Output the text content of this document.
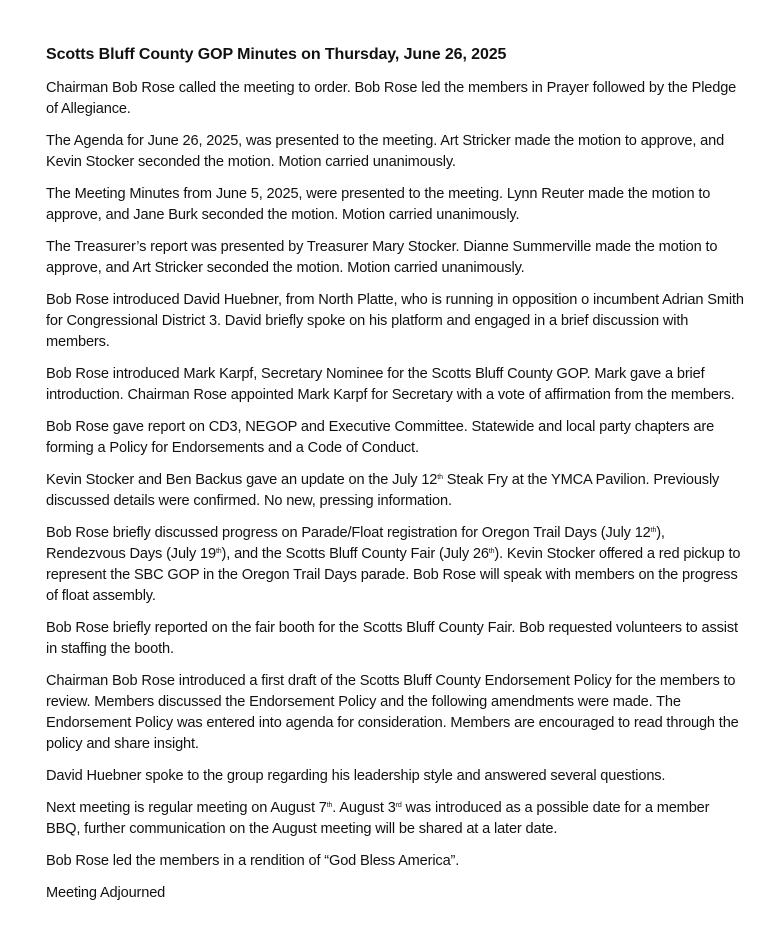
Scotts Bluff County GOP Minutes on Thursday, June 26, 2025

Chairman Bob Rose called the meeting to order. Bob Rose led the members in Prayer followed by the Pledge of Allegiance.

The Agenda for June 26, 2025, was presented to the meeting. Art Stricker made the motion to approve, and Kevin Stocker seconded the motion. Motion carried unanimously.

The Meeting Minutes from June 5, 2025, were presented to the meeting. Lynn Reuter made the motion to approve, and Jane Burk seconded the motion. Motion carried unanimously.

The Treasurer’s report was presented by Treasurer Mary Stocker. Dianne Summerville made the motion to approve, and Art Stricker seconded the motion. Motion carried unanimously.

Bob Rose introduced David Huebner, from North Platte, who is running in opposition o incumbent Adrian Smith for Congressional District 3. David briefly spoke on his platform and engaged in a brief discussion with members.

Bob Rose introduced Mark Karpf, Secretary Nominee for the Scotts Bluff County GOP. Mark gave a brief introduction. Chairman Rose appointed Mark Karpf for Secretary with a vote of affirmation from the members.

Bob Rose gave report on CD3, NEGOP and Executive Committee. Statewide and local party chapters are forming a Policy for Endorsements and a Code of Conduct.

Kevin Stocker and Ben Backus gave an update on the July 12th Steak Fry at the YMCA Pavilion. Previously discussed details were confirmed. No new, pressing information.

Bob Rose briefly discussed progress on Parade/Float registration for Oregon Trail Days (July 12th), Rendezvous Days (July 19th), and the Scotts Bluff County Fair (July 26th). Kevin Stocker offered a red pickup to represent the SBC GOP in the Oregon Trail Days parade. Bob Rose will speak with members on the progress of float assembly.

Bob Rose briefly reported on the fair booth for the Scotts Bluff County Fair. Bob requested volunteers to assist in staffing the booth.

Chairman Bob Rose introduced a first draft of the Scotts Bluff County Endorsement Policy for the members to review. Members discussed the Endorsement Policy and the following amendments were made. The Endorsement Policy was entered into agenda for consideration. Members are encouraged to read through the policy and share insight.

David Huebner spoke to the group regarding his leadership style and answered several questions.

Next meeting is regular meeting on August 7th. August 3rd was introduced as a possible date for a member BBQ, further communication on the August meeting will be shared at a later date.

Bob Rose led the members in a rendition of “God Bless America”.

Meeting Adjourned
